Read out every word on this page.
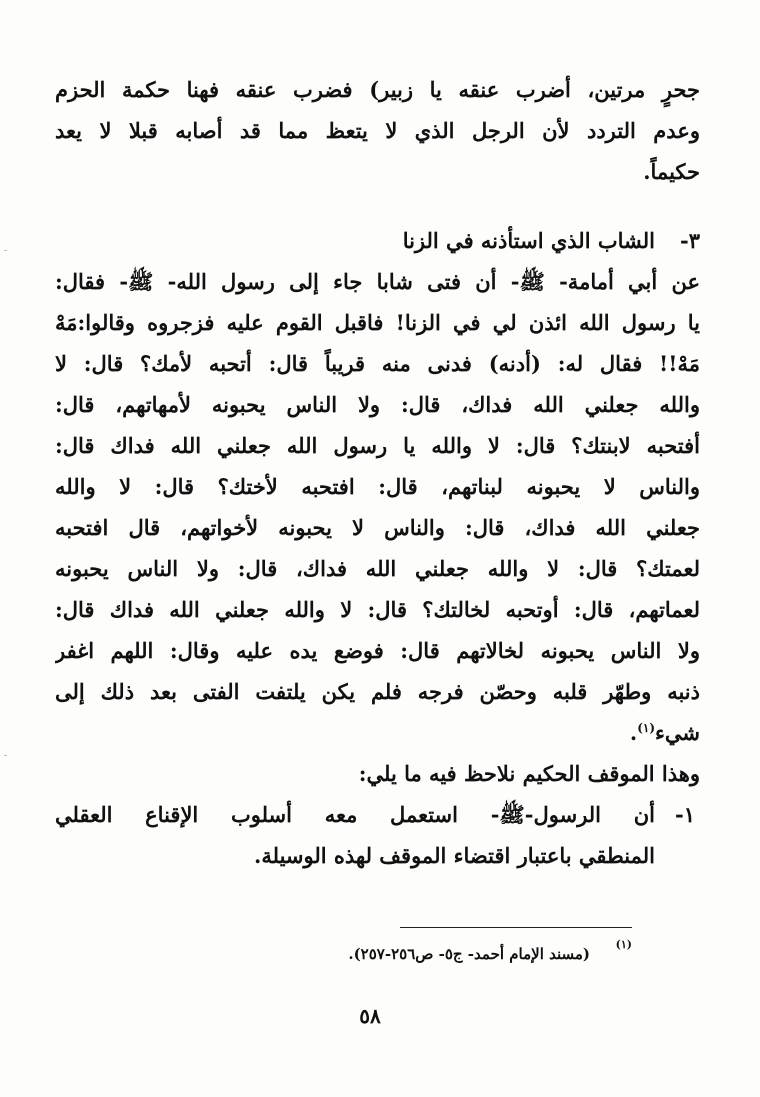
جحرٍ مرتين، أضرب عنقه يا زبير) فضرب عنقه فهنا حكمة الحزم
وعدم التردد لأن الرجل الذي لا يتعظ مما قد أصابه قبلا لا يعد
حكيماً.
٣-
الشاب الذي استأذنه في الزنا
عن أبي أمامة- ﷺ- أن فتى شابا جاء إلى رسول الله- ﷺ- فقال:
يا رسول الله ائذن لي في الزنا! فاقبل القوم عليه فزجروه وقالوا:مَهْ
مَهْ!! فقال له: (أدنه) فدنى منه قريباً قال: أتحبه لأمك؟ قال: لا
والله جعلني الله فداك، قال: ولا الناس يحبونه لأمهاتهم، قال:
أفتحبه لابنتك؟ قال: لا والله يا رسول الله جعلني الله فداك قال:
والناس لا يحبونه لبناتهم، قال: افتحبه لأختك؟ قال: لا والله
جعلني الله فداك، قال: والناس لا يحبونه لأخواتهم، قال افتحبه
لعمتك؟ قال: لا والله جعلني الله فداك، قال: ولا الناس يحبونه
لعماتهم، قال: أوتحبه لخالتك؟ قال: لا والله جعلني الله فداك قال:
ولا الناس يحبونه لخالاتهم قال: فوضع يده عليه وقال: اللهم اغفر
ذنبه وطهّر قلبه وحصّن فرجه فلم يكن يلتفت الفتى بعد ذلك إلى
شيء$^{(١)}$.
وهذا الموقف الحكيم نلاحظ فيه ما يلي:
١-
أن الرسول-ﷺ- استعمل معه أسلوب الإقناع العقلي
المنطقي باعتبار اقتضاء الموقف لهذه الوسيلة.
(١)
(مسند الإمام أحمد- ج٥- ص٢٥٦-٢٥٧).
٥٨
